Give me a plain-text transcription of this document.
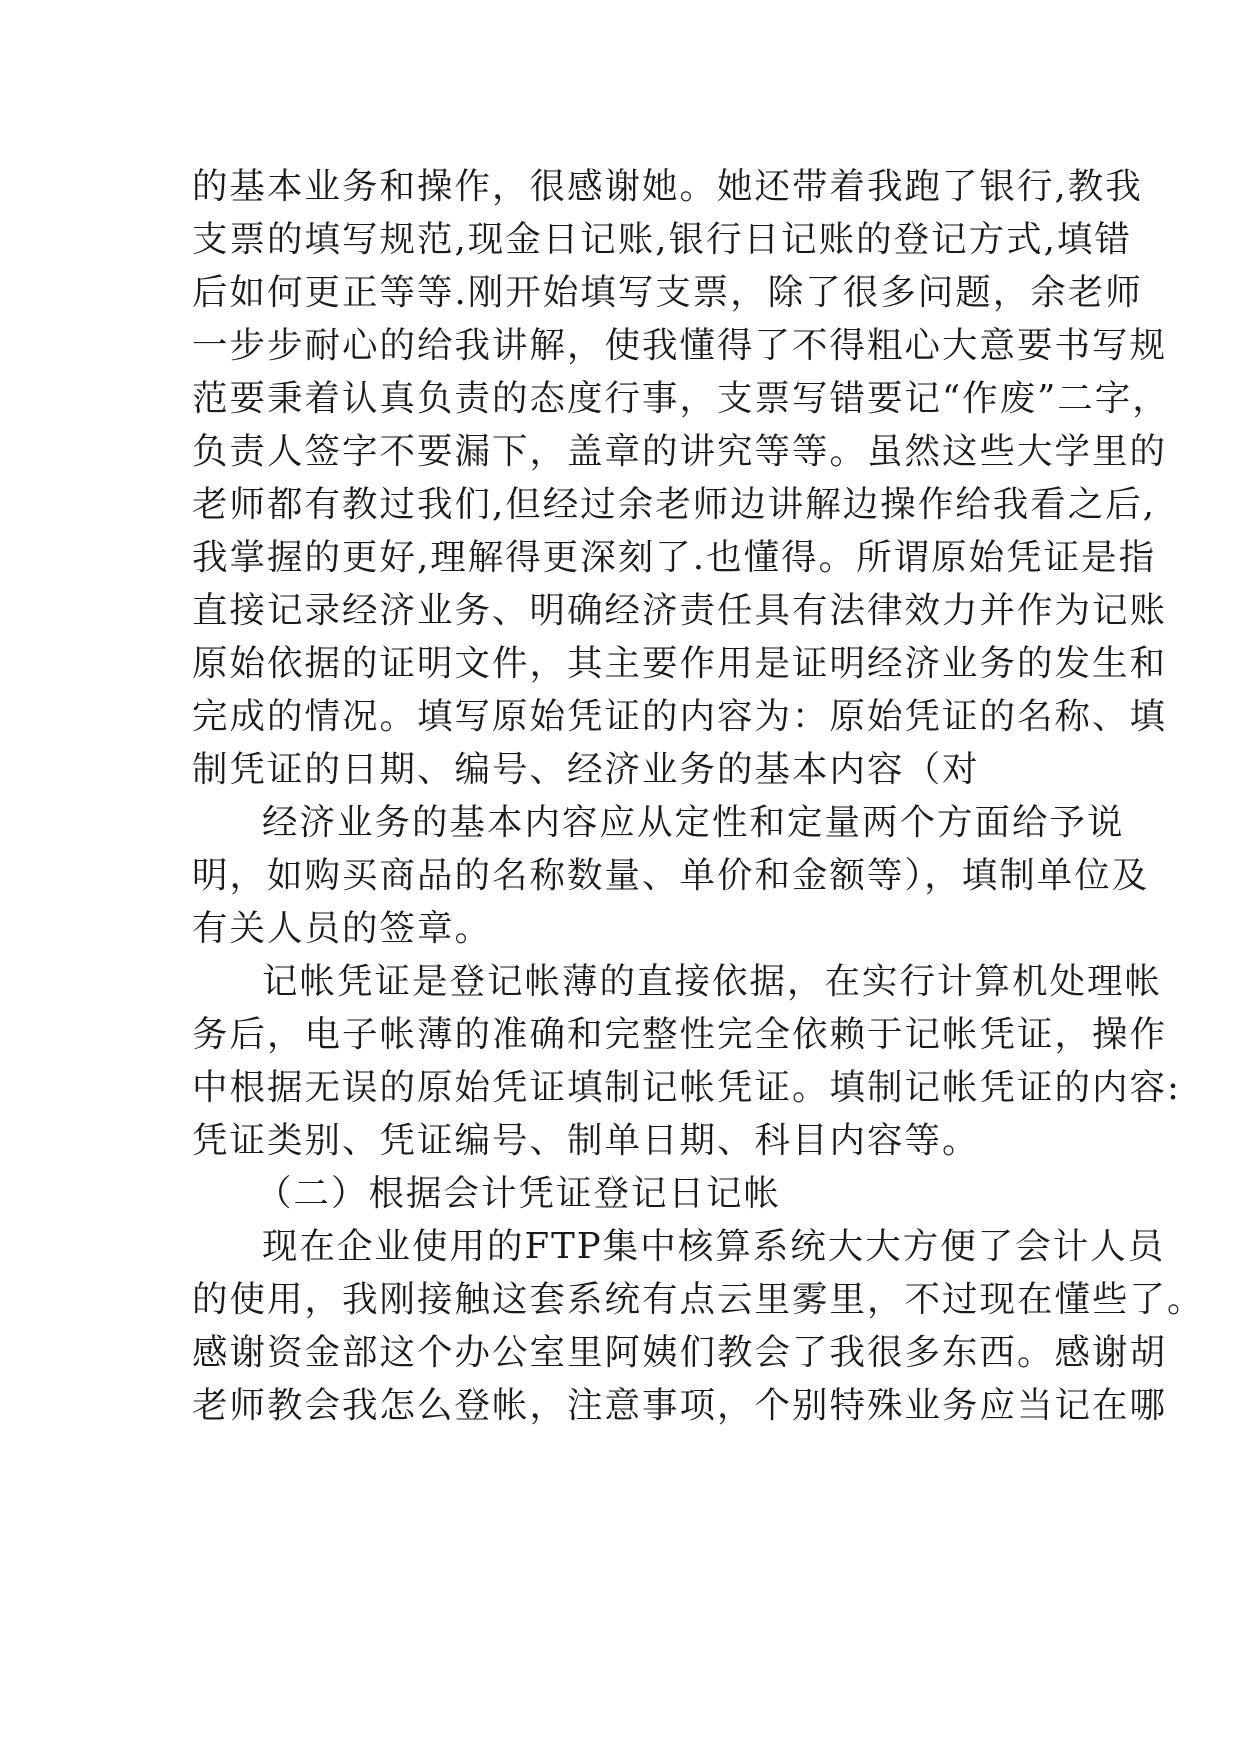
的基本业务和操作，很感谢她。她还带着我跑了银行,教我
支票的填写规范,现金日记账,银行日记账的登记方式,填错
后如何更正等等.刚开始填写支票，除了很多问题，余老师
一步步耐心的给我讲解，使我懂得了不得粗心大意要书写规
范要秉着认真负责的态度行事，支票写错要记“作废”二字，
负责人签字不要漏下，盖章的讲究等等。虽然这些大学里的
老师都有教过我们,但经过余老师边讲解边操作给我看之后,
我掌握的更好,理解得更深刻了.也懂得。所谓原始凭证是指
直接记录经济业务、明确经济责任具有法律效力并作为记账
原始依据的证明文件，其主要作用是证明经济业务的发生和
完成的情况。填写原始凭证的内容为：原始凭证的名称、填
制凭证的日期、编号、经济业务的基本内容（对
经济业务的基本内容应从定性和定量两个方面给予说
明，如购买商品的名称数量、单价和金额等），填制单位及
有关人员的签章。
记帐凭证是登记帐薄的直接依据，在实行计算机处理帐
务后，电子帐薄的准确和完整性完全依赖于记帐凭证，操作
中根据无误的原始凭证填制记帐凭证。填制记帐凭证的内容:
凭证类别、凭证编号、制单日期、科目内容等。
（二）根据会计凭证登记日记帐
现在企业使用的FTP集中核算系统大大方便了会计人员
的使用，我刚接触这套系统有点云里雾里，不过现在懂些了。
感谢资金部这个办公室里阿姨们教会了我很多东西。感谢胡
老师教会我怎么登帐，注意事项，个别特殊业务应当记在哪
